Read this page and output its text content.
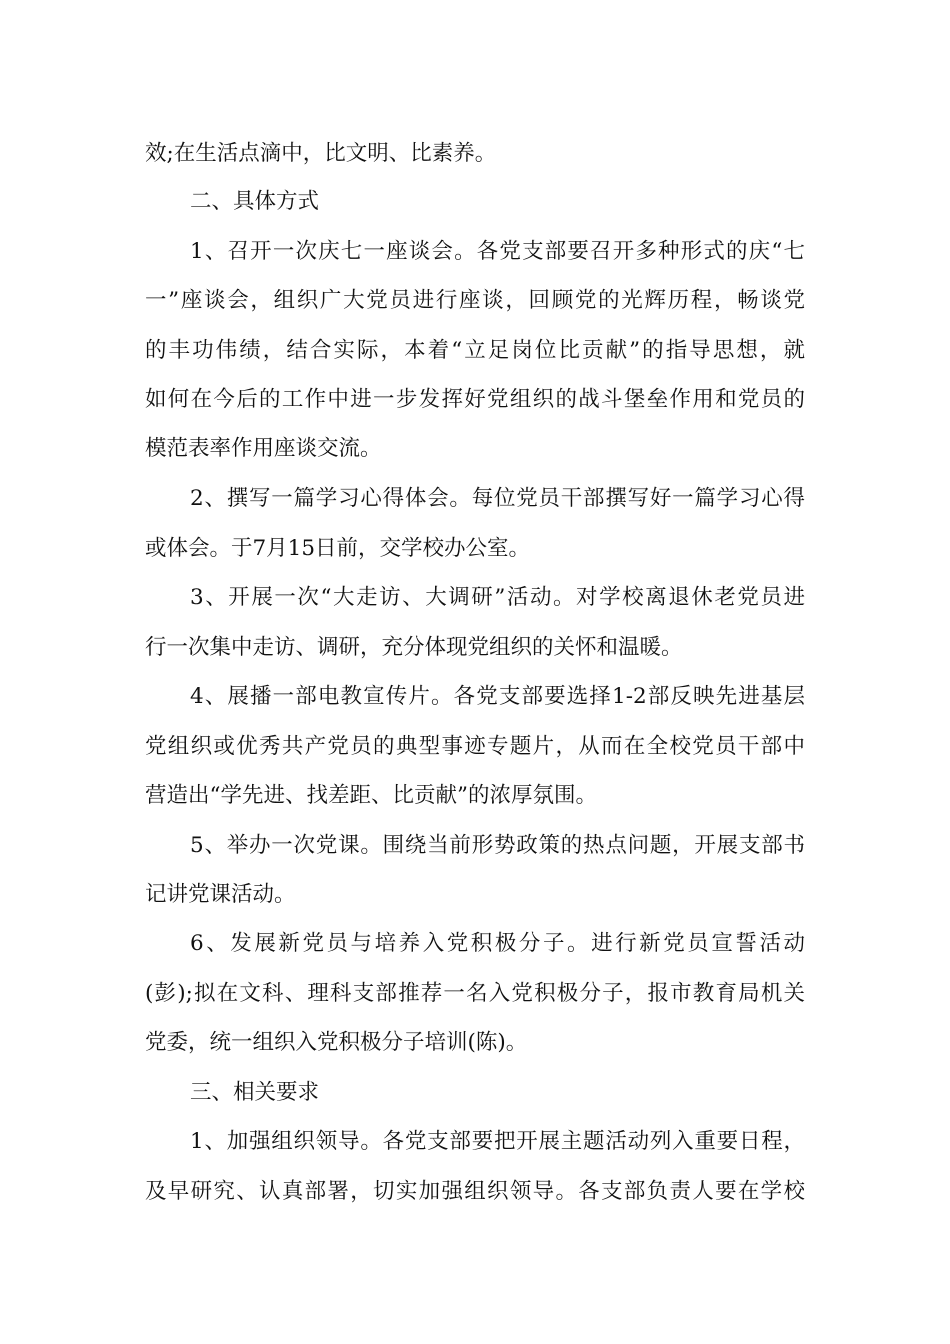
效;在生活点滴中，比文明、比素养。
二、具体方式
1、召开一次庆七一座谈会。各党支部要召开多种形式的庆“七
一”座谈会，组织广大党员进行座谈，回顾党的光辉历程，畅谈党
的丰功伟绩，结合实际，本着“立足岗位比贡献”的指导思想，就
如何在今后的工作中进一步发挥好党组织的战斗堡垒作用和党员的
模范表率作用座谈交流。
2、撰写一篇学习心得体会。每位党员干部撰写好一篇学习心得
或体会。于7月15日前，交学校办公室。
3、开展一次“大走访、大调研”活动。对学校离退休老党员进
行一次集中走访、调研，充分体现党组织的关怀和温暖。
4、展播一部电教宣传片。各党支部要选择1-2部反映先进基层
党组织或优秀共产党员的典型事迹专题片，从而在全校党员干部中
营造出“学先进、找差距、比贡献”的浓厚氛围。
5、举办一次党课。围绕当前形势政策的热点问题，开展支部书
记讲党课活动。
6、发展新党员与培养入党积极分子。进行新党员宣誓活动
(彭);拟在文科、理科支部推荐一名入党积极分子，报市教育局机关
党委，统一组织入党积极分子培训(陈)。
三、相关要求
1、加强组织领导。各党支部要把开展主题活动列入重要日程，
及早研究、认真部署，切实加强组织领导。各支部负责人要在学校
